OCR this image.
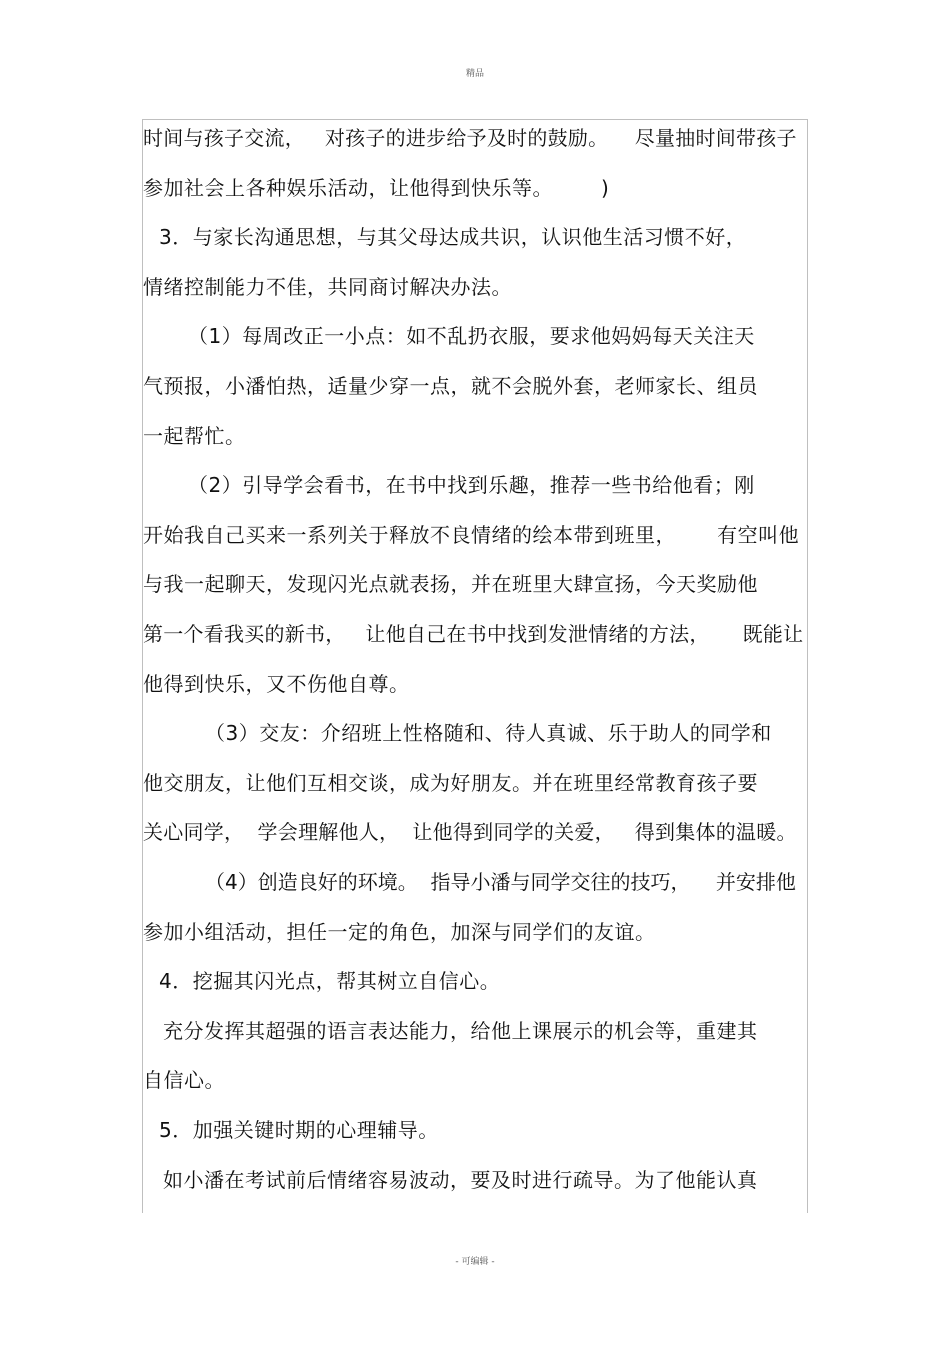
精品
时间与孩子交流，   对孩子的进步给予及时的鼓励。    尽量抽时间带孩子
参加社会上各种娱乐活动，让他得到快乐等。       )
3．与家长沟通思想，与其父母达成共识，认识他生活习惯不好，
情绪控制能力不佳，共同商讨解决办法。
（1）每周改正一小点：如不乱扔衣服，要求他妈妈每天关注天
气预报，小潘怕热，适量少穿一点，就不会脱外套，老师家长、组员
一起帮忙。
（2）引导学会看书，在书中找到乐趣，推荐一些书给他看；刚
开始我自己买来一系列关于释放不良情绪的绘本带到班里，      有空叫他
与我一起聊天，发现闪光点就表扬，并在班里大肆宣扬，今天奖励他
第一个看我买的新书，   让他自己在书中找到发泄情绪的方法，     既能让
他得到快乐，又不伤他自尊。
（3）交友：介绍班上性格随和、待人真诚、乐于助人的同学和
他交朋友，让他们互相交谈，成为好朋友。并在班里经常教育孩子要
关心同学，  学会理解他人，  让他得到同学的关爱，   得到集体的温暖。
（4）创造良好的环境。  指导小潘与同学交往的技巧，    并安排他
参加小组活动，担任一定的角色，加深与同学们的友谊。
4．挖掘其闪光点，帮其树立自信心。
充分发挥其超强的语言表达能力，给他上课展示的机会等，重建其
自信心。
5．加强关键时期的心理辅导。
如小潘在考试前后情绪容易波动，要及时进行疏导。为了他能认真
- 可编辑 -
